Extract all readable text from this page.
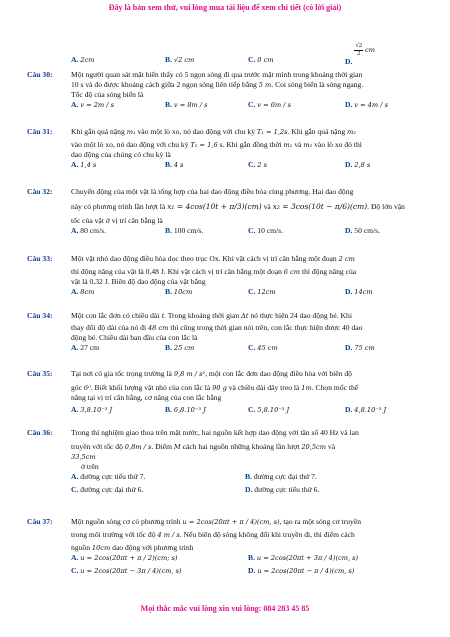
Đây là bản xem thử, vui lòng mua tài liệu để xem chi tiết (có lời giải)
A. 2cm	B. √2 cm	C. 0 cm	D.
$\frac{√2}{2}$ cm
Câu 30: Một người quan sát mặt biển thấy có 5 ngọn sóng đi qua trước mặt mình trong khoảng thời gian
10 s và đo được khoảng cách giữa 2 ngọn sóng liên tiếp bằng 5 m. Coi sóng biển là sóng ngang.
Tốc độ của sóng biển là
A. v = 2m / s	B. v = 8m / s	C. v = 6m / s	D. v = 4m / s
Câu 31: Khi gắn quả nặng m₁ vào một lò xo, nó dao động với chu kỳ T₁ = 1,2s. Khi gắn quả nặng m₂
vào một lò xo, nó dao động với chu kỳ T₂ = 1,6 s. Khi gắn đồng thời m₁ và m₂ vào lò xo đó thì
dao động của chúng có chu kỳ là
A. 1,4 s	B. 4 s	C. 2 s	D. 2,8 s
Câu 32: Chuyển động của một vật là tổng hợp của hai dao động điều hòa cùng phương. Hai dao động
này có phương trình lần lượt là x₁ = 4cos(10t + π/3)(cm) và x₂ = 3cos(10t − π/6)(cm). Độ lớn vận
tốc của vật ở vị trí cân bằng là
A. 80 cm/s.	B. 100 cm/s.	C. 10 cm/s.	D. 50 cm/s.
Câu 33: Một vật nhỏ dao động điều hòa dọc theo trục Ox. Khi vật cách vị trí cân bằng một đoạn 2 cm
thì động năng của vật là 0,48 J. Khi vật cách vị trí cân bằng một đoạn 6 cm thì động năng của
vật là 0,32 J. Biên độ dao động của vật bằng
A. 8cm	B. 10cm	C. 12cm	D. 14cm
Câu 34: Một con lắc đơn có chiều dài ℓ. Trong khoảng thời gian Δt nó thực hiện 24 dao động bé. Khi
thay đổi độ dài của nó đi 48 cm thì cũng trong thời gian nói trên, con lắc thực hiện được 40 dao
động bé. Chiều dài ban đầu của con lắc là
A. 27 cm	B. 25 cm	C. 45 cm	D. 75 cm
Câu 35: Tại nơi có gia tốc trọng trường là 9,8 m / s², một con lắc đơn dao động điều hòa với biên độ
góc 6⁰. Biết khối lượng vật nhỏ của con lắc là 90 g và chiều dài dây treo là 1m. Chọn mốc thế
năng tại vị trí cân bằng, cơ năng của con lắc bằng
A. 3,8.10⁻³ J	B. 6,8.10⁻³ J	C. 5,8.10⁻³ J	D. 4,8.10⁻³ J
Câu 36: Trong thí nghiệm giao thoa trên mặt nước, hai nguồn kết hợp dao động với tần số 40 Hz và lan
truyền với tốc độ 0,8m / s. Điểm M cách hai nguồn những khoảng lần lượt 20,5cm và
33,5cm
ở trên
A. đường cực tiểu thứ 7.	B. đường cực đại thứ 7.
C. đường cực đại thứ 6.	D. đường cực tiểu thứ 6.
Câu 37: Một nguồn sóng cơ có phương trình u = 2cos(20πt + π / 4)(cm, s), tạo ra một sóng cơ truyền
trong môi trường với tốc độ 4 m / s. Nếu biên độ sóng không đổi khi truyền đi, thì điểm cách
nguồn 10cm dao động với phương trình
A. u = 2cos(20πt + π / 2)(cm; s)	B. u = 2cos(20πt + 3π / 4)(cm, s)
C. u = 2cos(20πt − 3π / 4)(cm, s)	D. u = 2cos(20πt − π / 4)(cm, s)
Mọi thắc mắc vui lòng xin vui lòng: 084 283 45 85
